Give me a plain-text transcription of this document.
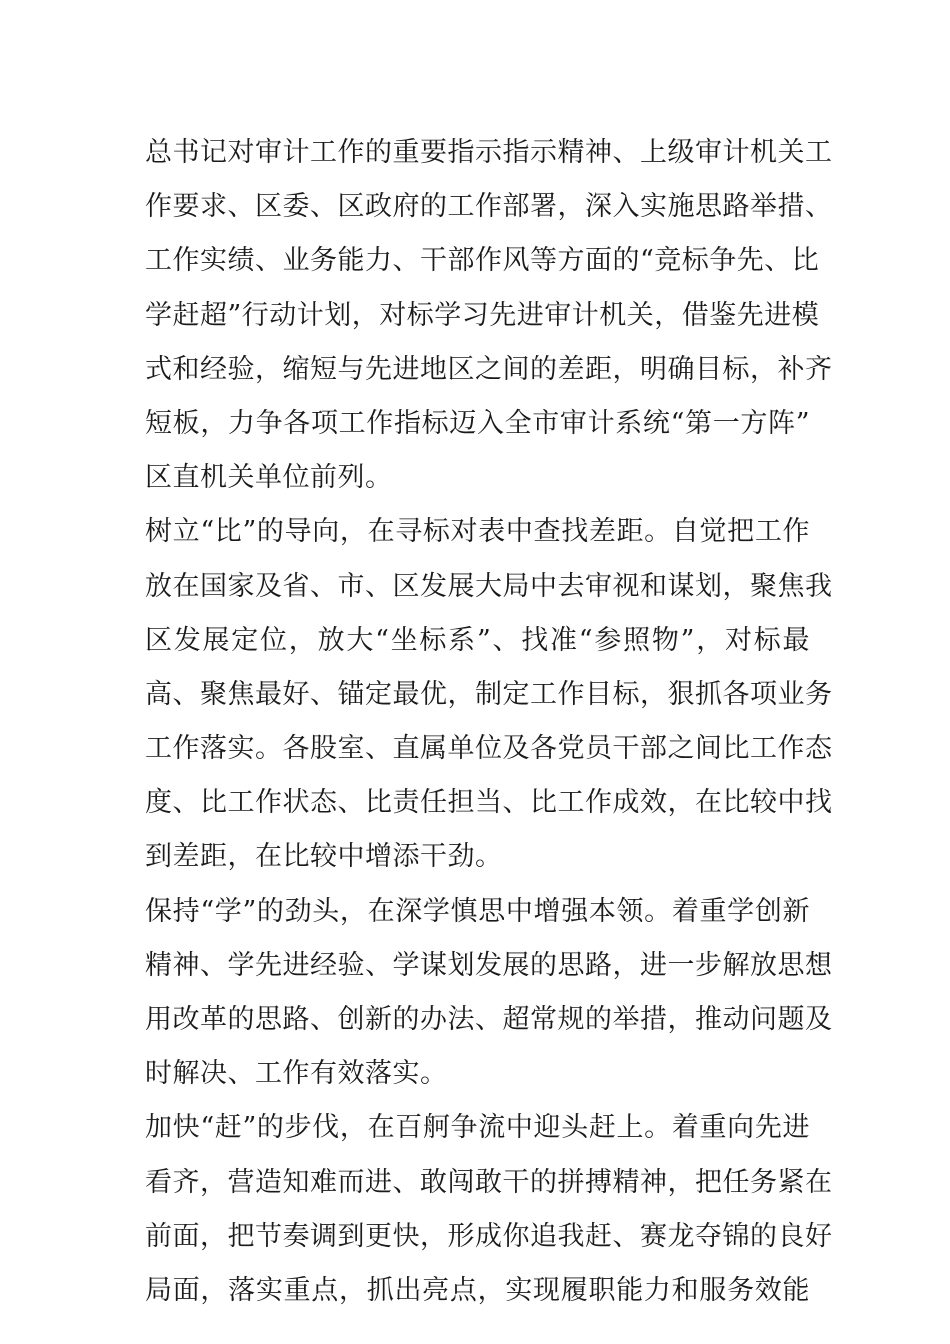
总书记对审计工作的重要指示指示精神、上级审计机关工
作要求、区委、区政府的工作部署，深入实施思路举措、
工作实绩、业务能力、干部作风等方面的“竞标争先、比
学赶超”行动计划，对标学习先进审计机关，借鉴先进模
式和经验，缩短与先进地区之间的差距，明确目标，补齐
短板，力争各项工作指标迈入全市审计系统“第一方阵”
区直机关单位前列。
树立“比”的导向，在寻标对表中查找差距。自觉把工作
放在国家及省、市、区发展大局中去审视和谋划，聚焦我
区发展定位，放大“坐标系”、找准“参照物”，对标最
高、聚焦最好、锚定最优，制定工作目标，狠抓各项业务
工作落实。各股室、直属单位及各党员干部之间比工作态
度、比工作状态、比责任担当、比工作成效，在比较中找
到差距，在比较中增添干劲。
保持“学”的劲头，在深学慎思中增强本领。着重学创新
精神、学先进经验、学谋划发展的思路，进一步解放思想
用改革的思路、创新的办法、超常规的举措，推动问题及
时解决、工作有效落实。
加快“赶”的步伐，在百舸争流中迎头赶上。着重向先进
看齐，营造知难而进、敢闯敢干的拼搏精神，把任务紧在
前面，把节奏调到更快，形成你追我赶、赛龙夺锦的良好
局面，落实重点，抓出亮点，实现履职能力和服务效能
